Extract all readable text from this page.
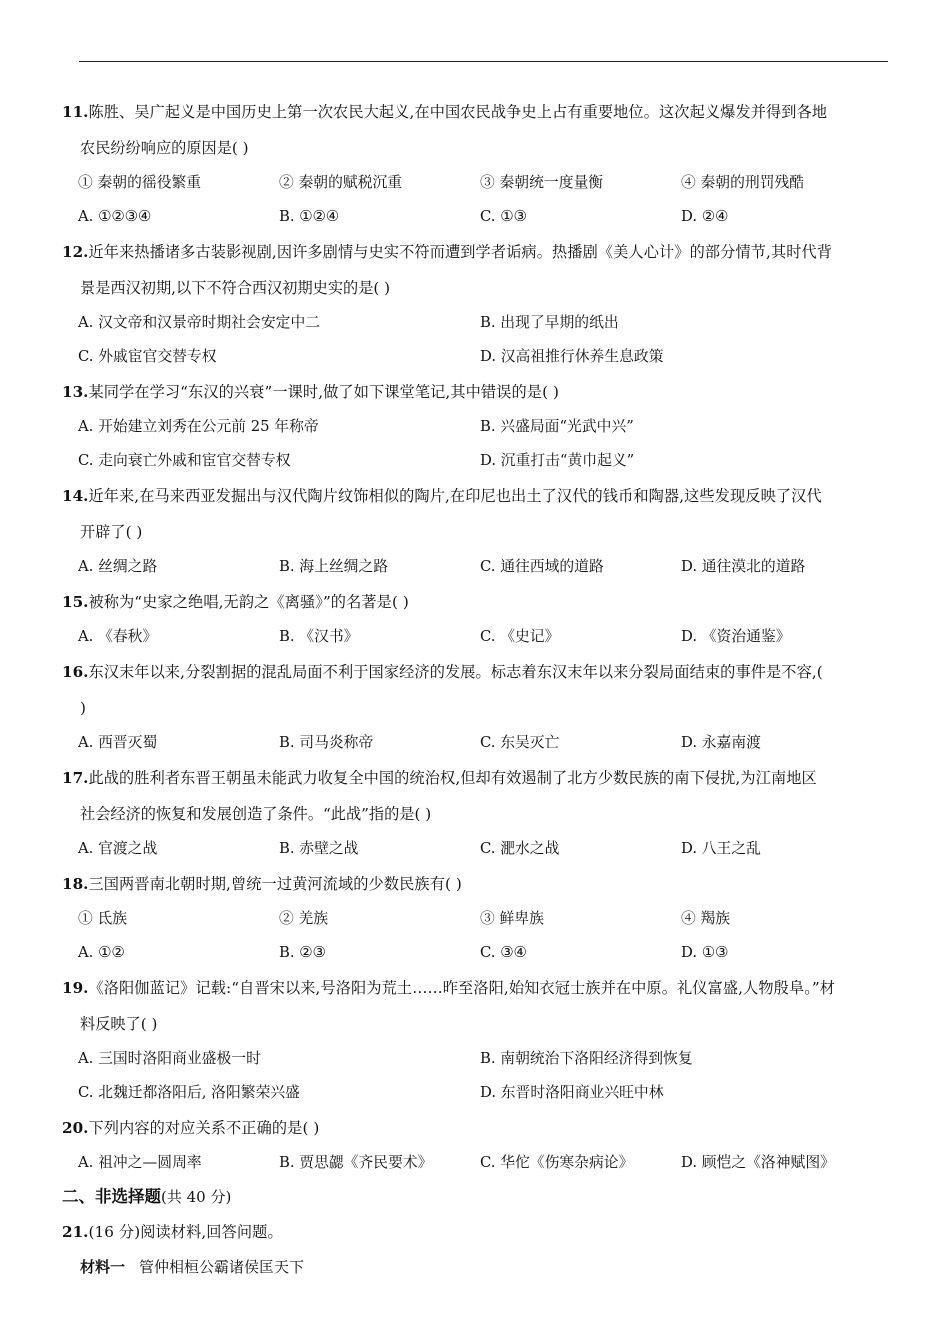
11.陈胜、吴广起义是中国历史上第一次农民大起义,在中国农民战争史上占有重要地位。这次起义爆发并得到各地
农民纷纷响应的原因是( )
① 秦朝的徭役繁重	② 秦朝的赋税沉重	③ 秦朝统一度量衡	④ 秦朝的刑罚残酷
A. ①②③④	B. ①②④	C. ①③	D. ②④
12.近年来热播诸多古装影视剧,因许多剧情与史实不符而遭到学者诟病。热播剧《美人心计》的部分情节,其时代背
景是西汉初期,以下不符合西汉初期史实的是( )
A. 汉文帝和汉景帝时期社会安定中二	B. 出现了早期的纸出
C. 外戚宦官交替专权	D. 汉高祖推行休养生息政策
13.某同学在学习“东汉的兴衰”一课时,做了如下课堂笔记,其中错误的是( )
A. 开始建立刘秀在公元前 25 年称帝	B. 兴盛局面“光武中兴”
C. 走向衰亡外戚和宦官交替专权	D. 沉重打击“黄巾起义”
14.近年来,在马来西亚发掘出与汉代陶片纹饰相似的陶片,在印尼也出土了汉代的钱币和陶器,这些发现反映了汉代
开辟了( )
A. 丝绸之路	B. 海上丝绸之路	C. 通往西域的道路	D. 通往漠北的道路
15.被称为“史家之绝唱,无韵之《离骚》”的名著是( )
A. 《春秋》	B. 《汉书》	C. 《史记》	D. 《资治通鉴》
16.东汉末年以来,分裂割据的混乱局面不利于国家经济的发展。标志着东汉末年以来分裂局面结束的事件是不容,(
)
A. 西晋灭蜀	B. 司马炎称帝	C. 东吴灭亡	D. 永嘉南渡
17.此战的胜利者东晋王朝虽未能武力收复全中国的统治权,但却有效遏制了北方少数民族的南下侵扰,为江南地区
社会经济的恢复和发展创造了条件。“此战”指的是( )
A. 官渡之战	B. 赤壁之战	C. 淝水之战	D. 八王之乱
18.三国两晋南北朝时期,曾统一过黄河流域的少数民族有( )
① 氐族	② 羌族	③ 鲜卑族	④ 羯族
A. ①②	B. ②③	C. ③④	D. ①③
19.《洛阳伽蓝记》记载:“自晋宋以来,号洛阳为荒土……昨至洛阳,始知衣冠士族并在中原。礼仪富盛,人物殷阜。”材
料反映了( )
A. 三国时洛阳商业盛极一时	B. 南朝统治下洛阳经济得到恢复
C. 北魏迁都洛阳后, 洛阳繁荣兴盛	D. 东晋时洛阳商业兴旺中林
20.下列内容的对应关系不正确的是( )
A. 祖冲之—圆周率	B. 贾思勰《齐民要术》	C. 华佗《伤寒杂病论》	D. 顾恺之《洛神赋图》
二、非选择题(共 40 分)
21.(16 分)阅读材料,回答问题。
材料一 管仲相桓公霸诸侯匡天下
